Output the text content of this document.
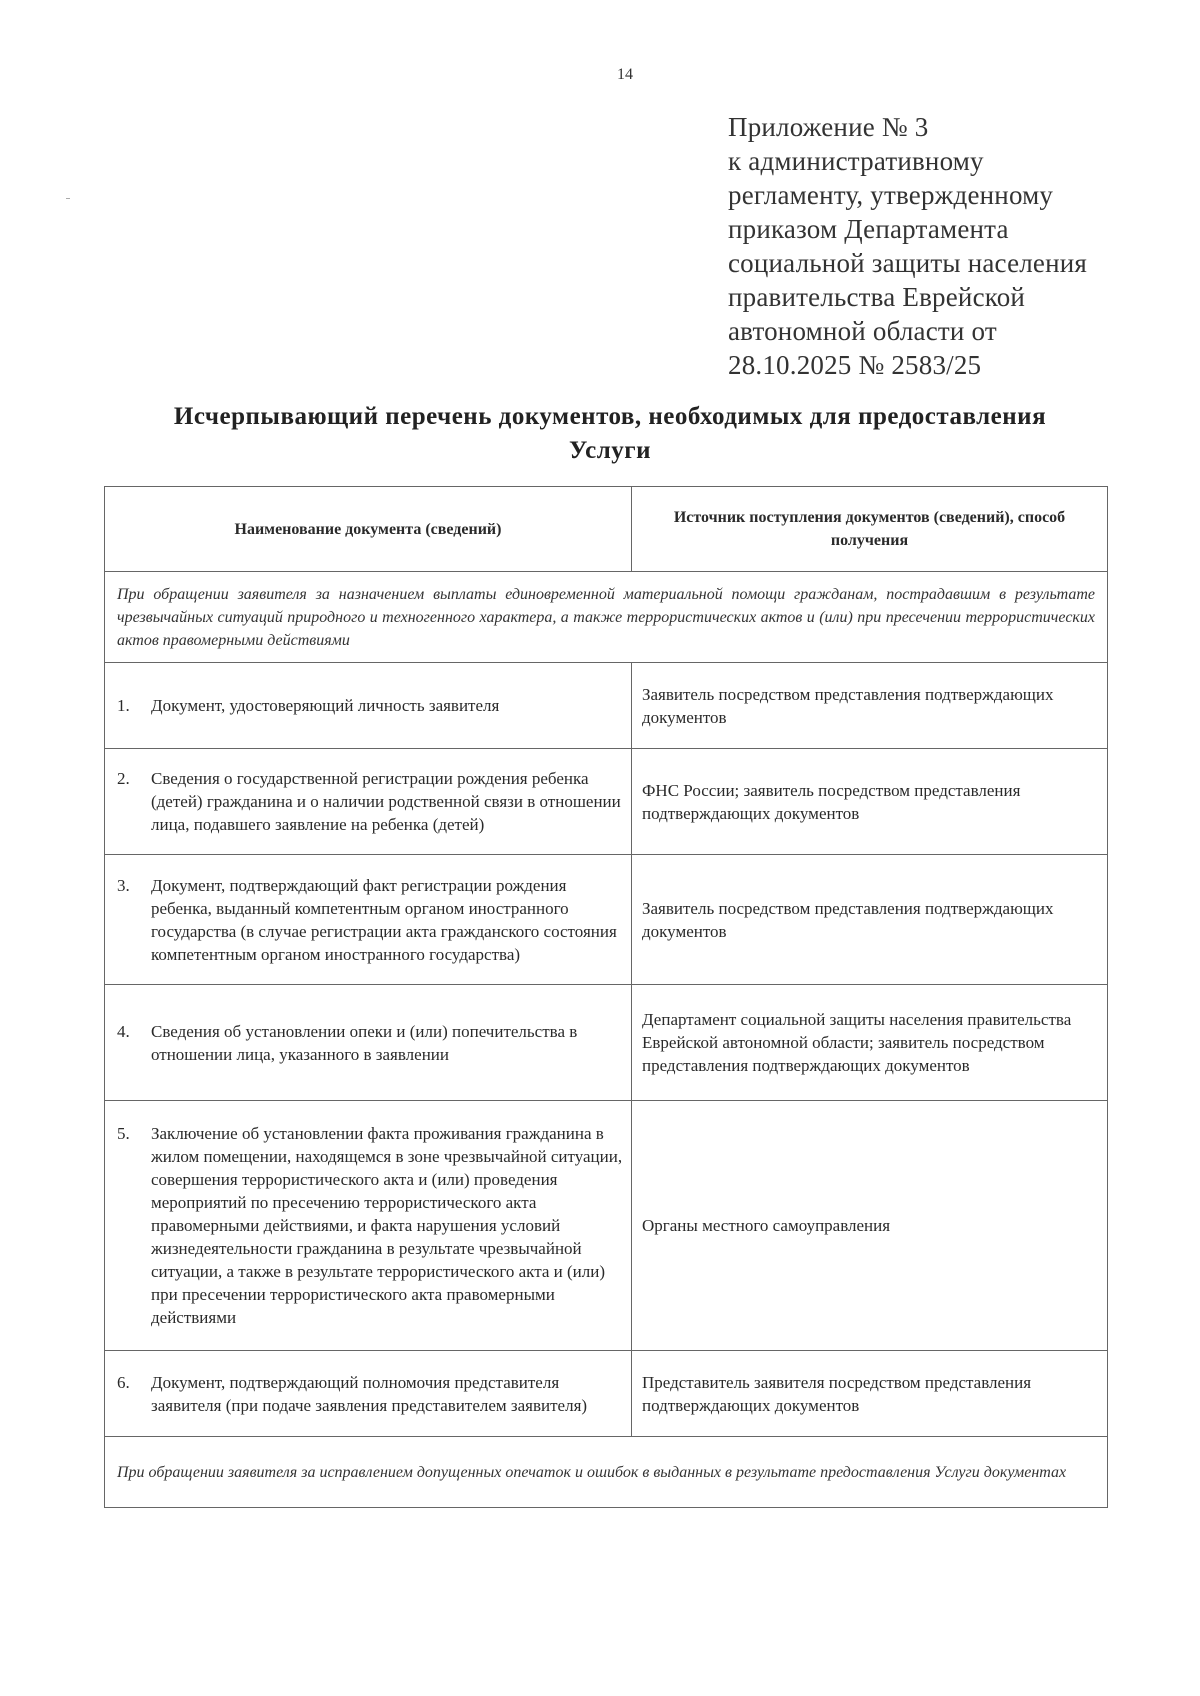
14
Приложение № 3
к административному
регламенту, утвержденному
приказом Департамента
социальной защиты населения
правительства Еврейской
автономной области от
28.10.2025 № 2583/25
Исчерпывающий перечень документов, необходимых для предоставления
Услуги
Наименование документа (сведений)	Источник поступления документов (сведений), способ получения
При обращении заявителя за назначением выплаты единовременной материальной помощи гражданам, пострадавшим в результате чрезвычайных ситуаций природного и техногенного характера, а также террористических актов и (или) при пресечении террористических актов правомерными действиями	

1. Документ, удостоверяющий личность заявителя	Заявитель посредством представления подтверждающих документов

2. Сведения о государственной регистрации рождения ребенка (детей) гражданина и о наличии родственной связи в отношении лица, подавшего заявление на ребенка (детей)	ФНС России; заявитель посредством представления подтверждающих документов

3. Документ, подтверждающий факт регистрации рождения ребенка, выданный компетентным органом иностранного государства (в случае регистрации акта гражданского состояния компетентным органом иностранного государства)	Заявитель посредством представления подтверждающих документов

4. Сведения об установлении опеки и (или) попечительства в отношении лица, указанного в заявлении	Департамент социальной защиты населения правительства Еврейской автономной области; заявитель посредством представления подтверждающих документов

5. Заключение об установлении факта проживания гражданина в жилом помещении, находящемся в зоне чрезвычайной ситуации, совершения террористического акта и (или) проведения мероприятий по пресечению террористического акта правомерными действиями, и факта нарушения условий жизнедеятельности гражданина в результате чрезвычайной ситуации, а также в результате террористического акта и (или) при пресечении террористического акта правомерными действиями	Органы местного самоуправления

6. Документ, подтверждающий полномочия представителя заявителя (при подаче заявления представителем заявителя)	Представитель заявителя посредством представления подтверждающих документов
При обращении заявителя за исправлением допущенных опечаток и ошибок в выданных в результате предоставления Услуги документах	
